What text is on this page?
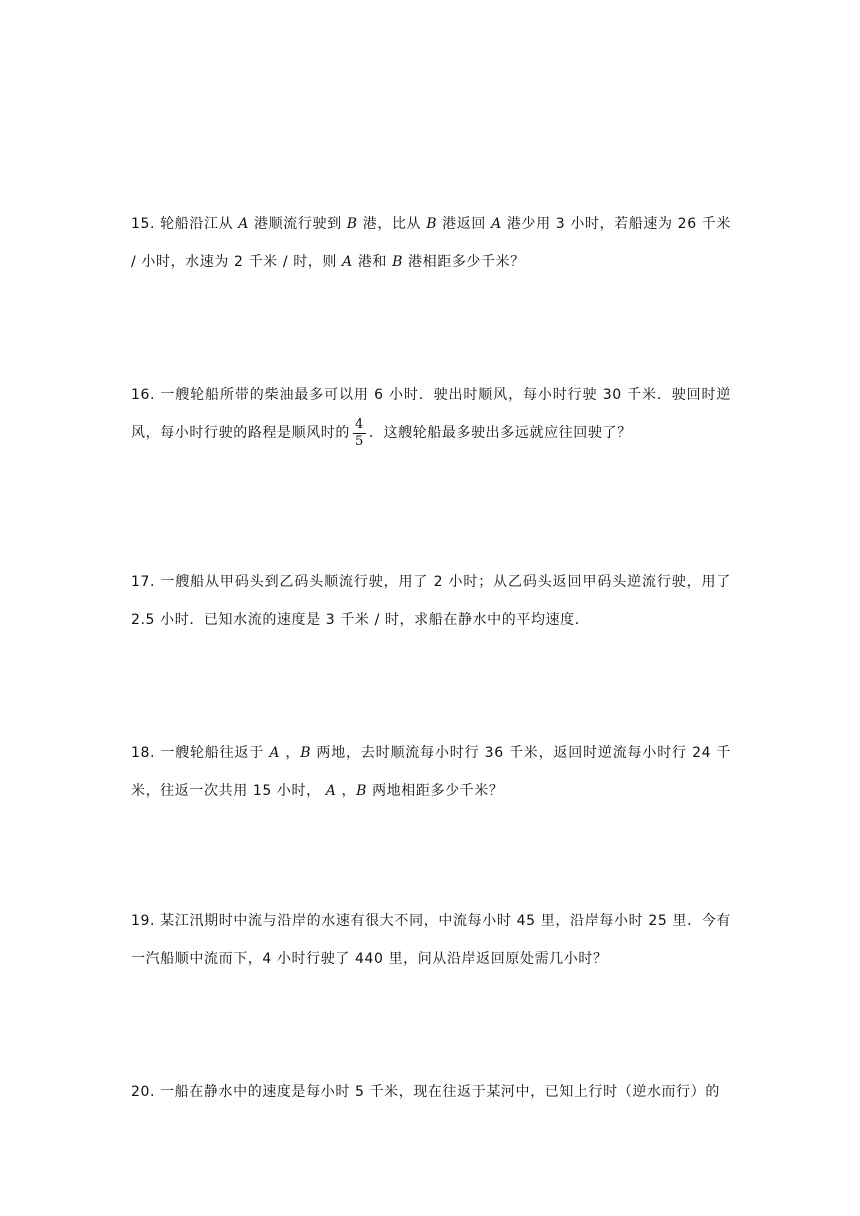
15. 轮船沿江从 A 港顺流行驶到 B 港，比从 B 港返回 A 港少用 3 小时，若船速为 26 千米 / 小时，水速为 2 千米 / 时，则 A 港和 B 港相距多少千米？

16. 一艘轮船所带的柴油最多可以用 6 小时．驶出时顺风，每小时行驶 30 千米．驶回时逆风，每小时行驶的路程是顺风时的 $\frac{4}{5}$ ．这艘轮船最多驶出多远就应往回驶了？

17. 一艘船从甲码头到乙码头顺流行驶，用了 2 小时；从乙码头返回甲码头逆流行驶，用了 2.5 小时．已知水流的速度是 3 千米 / 时，求船在静水中的平均速度．

18. 一艘轮船往返于 A ，B 两地，去时顺流每小时行 36 千米，返回时逆流每小时行 24 千米，往返一次共用 15 小时， A ，B 两地相距多少千米？

19. 某江汛期时中流与沿岸的水速有很大不同，中流每小时 45 里，沿岸每小时 25 里．今有一汽船顺中流而下，4 小时行驶了 440 里，问从沿岸返回原处需几小时？

20. 一船在静水中的速度是每小时 5 千米，现在往返于某河中，已知上行时（逆水而行）的
